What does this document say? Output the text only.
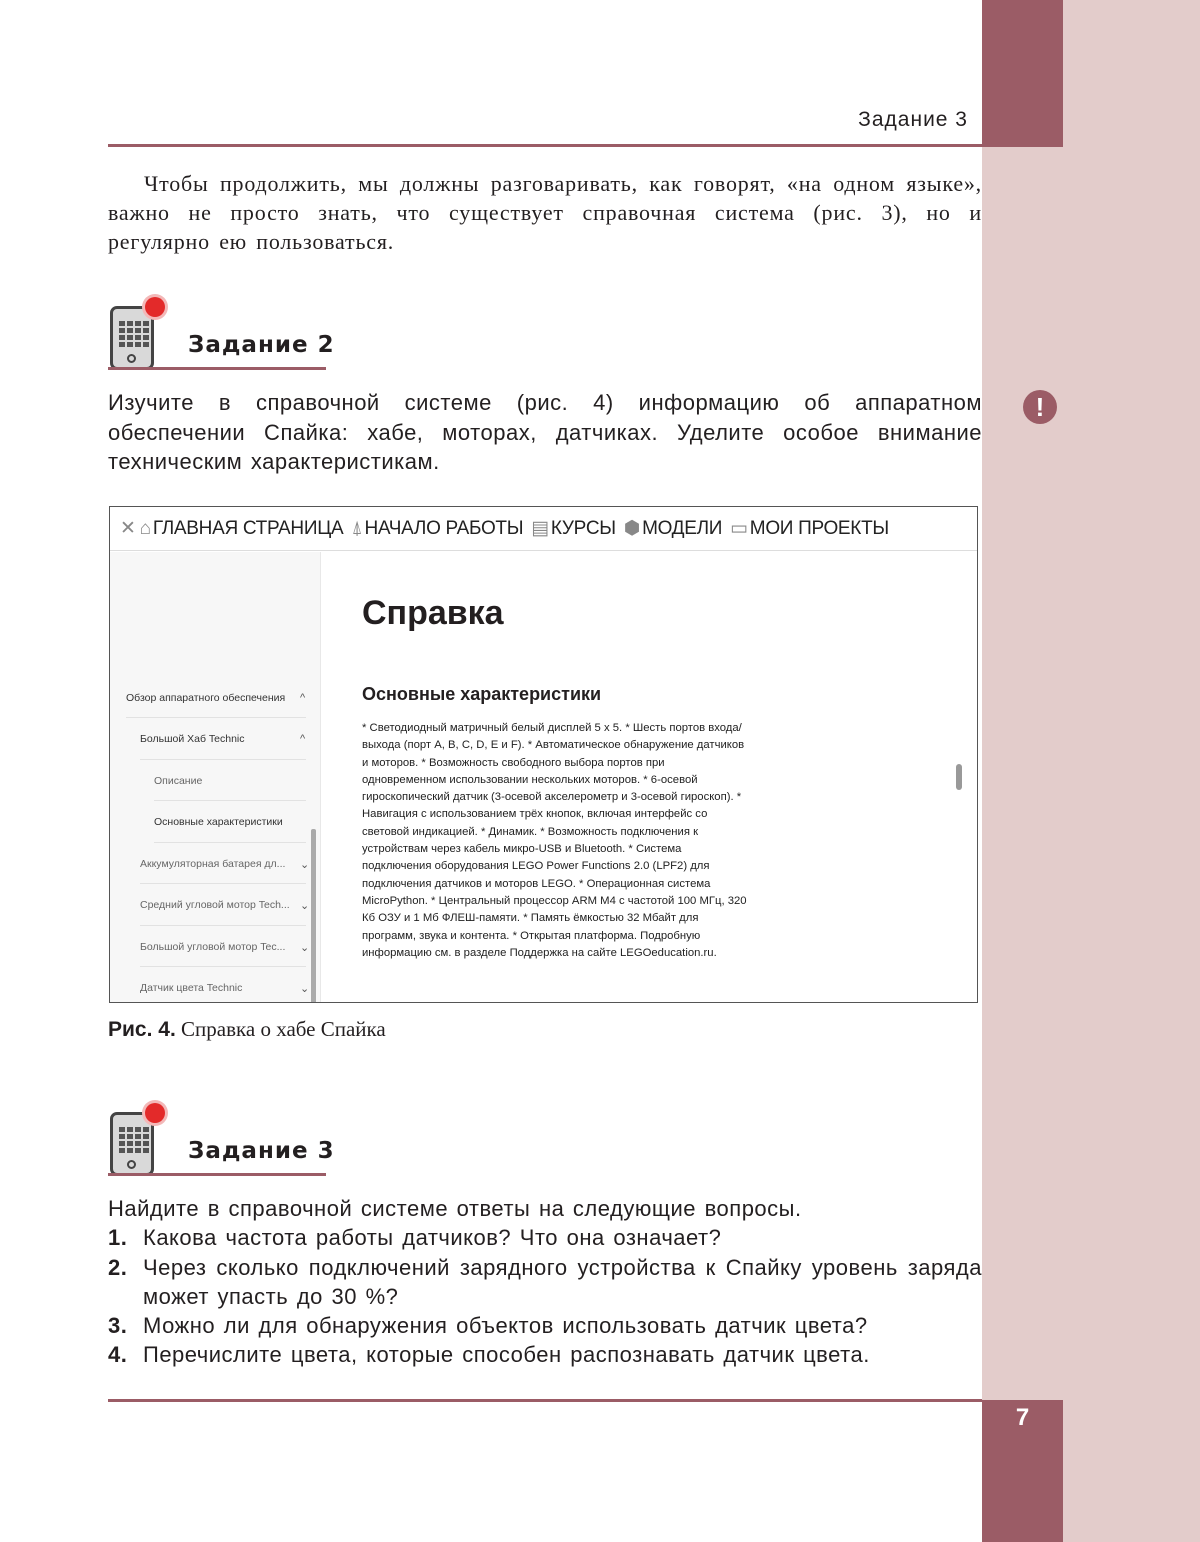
Задание 3
7
!
Чтобы продолжить, мы должны разговаривать, как говорят, «на одном языке», важно не просто знать, что существует справочная система (рис. 3), но и регулярно ею пользоваться.
Задание 2
Изучите в справочной системе (рис. 4) информацию об аппаратном обеспечении Спайка: хабе, моторах, датчиках. Уделите особое внимание техническим характеристикам.
✕ ⌂ ГЛАВНАЯ СТРАНИЦА ⍋ НАЧАЛО РАБОТЫ ▤ КУРСЫ ⬢ МОДЕЛИ ▭ МОИ ПРОЕКТЫ
Обзор аппаратного обеспечения	^
Большой Хаб Technic	^
Описание
Основные характеристики
Аккумуляторная батарея дл...	⌄
Средний угловой мотор Tech... ⌄
Большой угловой мотор Tec...	⌄
Датчик цвета Technic	⌄
Справка
Основные характеристики
* Светодиодный матричный белый дисплей 5 x 5. * Шесть портов входа/выхода (порт A, B, C, D, E и F). * Автоматическое обнаружение датчиков и моторов. * Возможность свободного выбора портов при одновременном использовании нескольких моторов. * 6-осевой гироскопический датчик (3-осевой акселерометр и 3-осевой гироскоп). * Навигация с использованием трёх кнопок, включая интерфейс со световой индикацией. * Динамик. * Возможность подключения к устройствам через кабель микро-USB и Bluetooth. * Система подключения оборудования LEGO Power Functions 2.0 (LPF2) для подключения датчиков и моторов LEGO. * Операционная система MicroPython. * Центральный процессор ARM M4 с частотой 100 МГц, 320 Кб ОЗУ и 1 Мб ФЛЕШ-памяти. * Память ёмкостью 32 Мбайт для программ, звука и контента. * Открытая платформа. Подробную информацию см. в разделе Поддержка на сайте LEGOeducation.ru.
Рис. 4. Справка о хабе Спайка
Задание 3
Найдите в справочной системе ответы на следующие вопросы.
1. Какова частота работы датчиков? Что она означает?
2. Через сколько подключений зарядного устройства к Спайку уровень заряда может упасть до 30 %?
3. Можно ли для обнаружения объектов использовать датчик цвета?
4. Перечислите цвета, которые способен распознавать датчик цвета.
